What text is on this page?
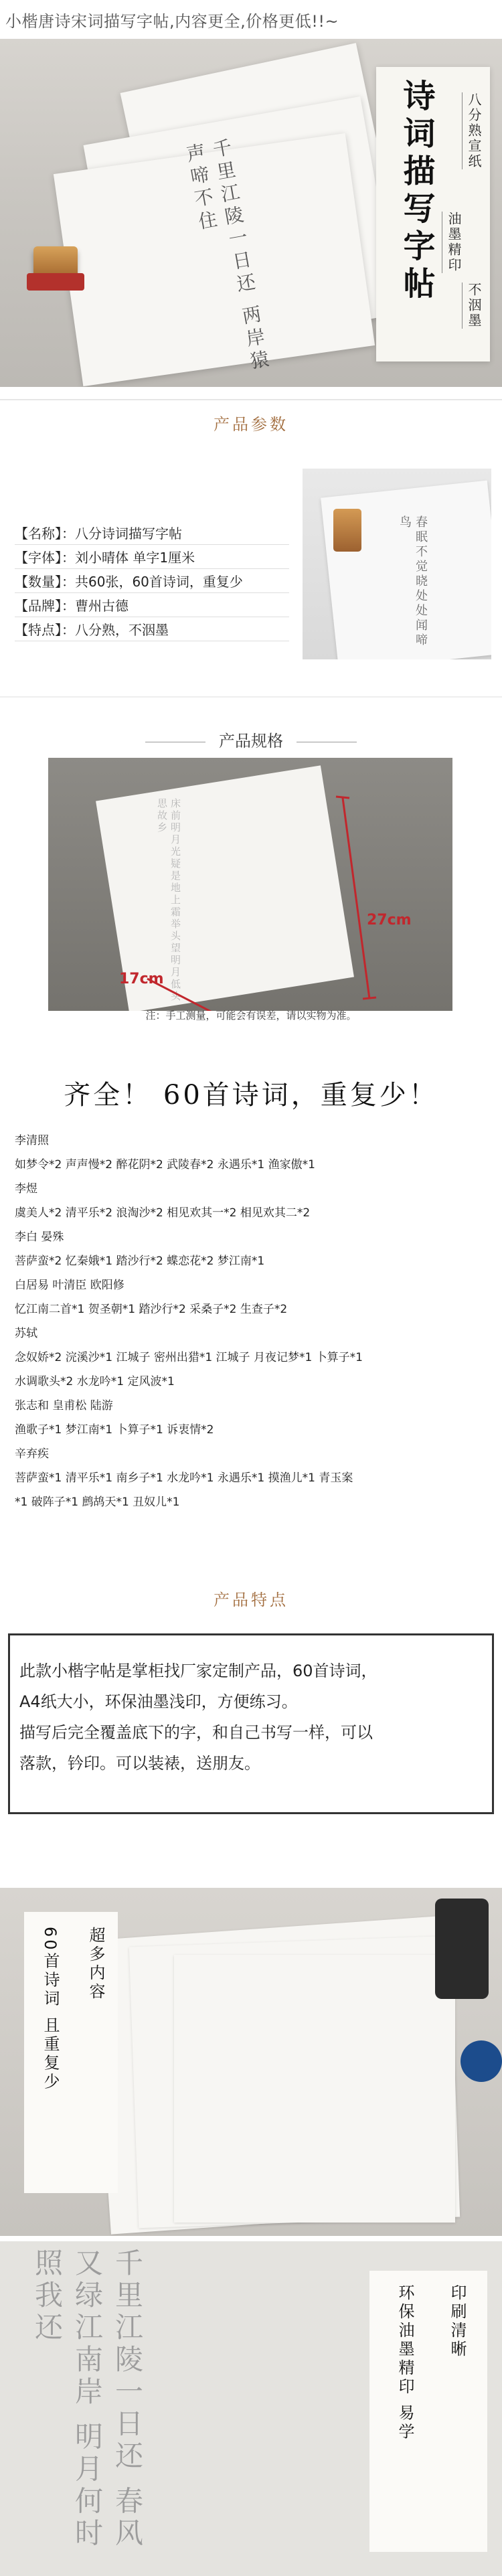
小楷唐诗宋词描写字帖,内容更全,价格更低!!~
千里江陵一日还 两岸猿声啼不住	诗词描写字帖	八分熟宣纸
油墨精印
不洇墨
产品参数
【名称】：八分诗词描写字帖
【字体】：刘小晴体 单字1厘米
【数量】：共60张，60首诗词，重复少
【品牌】：曹州古德
【特点】：八分熟，不洇墨	春眠不觉晓处处闻啼鸟
产品规格
床前明月光疑是地上霜举头望明月低头思故乡
27cm
17cm
注：手工测量，可能会有误差，请以实物为准。
齐全！ 60首诗词，重复少！
李清照
如梦令*2 声声慢*2 醉花阴*2 武陵春*2 永遇乐*1 渔家傲*1
李煜
虞美人*2 清平乐*2 浪淘沙*2 相见欢其一*2 相见欢其二*2
李白 晏殊
菩萨蛮*2 忆秦娥*1 踏沙行*2 蝶恋花*2 梦江南*1
白居易 叶清臣 欧阳修
忆江南二首*1 贺圣朝*1 踏沙行*2 采桑子*2 生查子*2
苏轼
念奴娇*2 浣溪沙*1 江城子 密州出猎*1 江城子 月夜记梦*1 卜算子*1
水调歌头*2 水龙吟*1 定风波*1
张志和 皇甫松 陆游
渔歌子*1 梦江南*1 卜算子*1 诉衷情*2
辛弃疾
菩萨蛮*1 清平乐*1 南乡子*1 水龙吟*1 永遇乐*1 摸渔儿*1 青玉案
*1 破阵子*1 鹧鸪天*1 丑奴儿*1
产品特点

此款小楷字帖是掌柜找厂家定制产品，60首诗词，

A4纸大小，环保油墨浅印，方便练习。

描写后完全覆盖底下的字，和自己书写一样，可以

落款，钤印。可以装裱，送朋友。

超多内容
60首诗词 且重复少
千里江陵一日还 春风又绿江南岸 明月何时照我还	印刷清晰
环保油墨精印 易学
